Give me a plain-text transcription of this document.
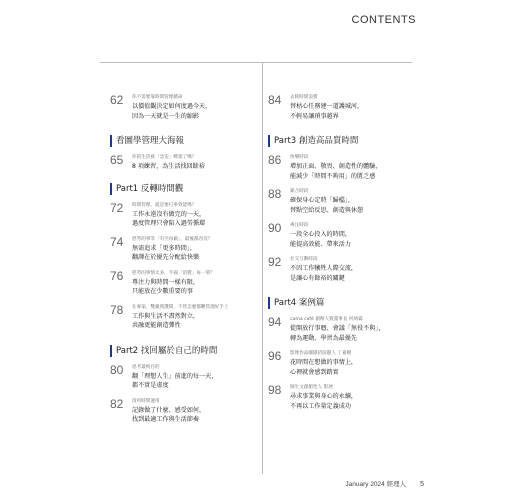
CONTENTS
62	你不需要靠時間管理續命
以價值觀決定如何度過今天，
因為一天就是一生的縮影
看圖學管理大海報
65	你的生活被「急迫」綁架了嗎？
8 項練習，為生活找回餘裕
Part1 反轉時間觀
72	時間管理，就是要打拳效能嗎？
工作永遠沒有做完的一天，
過度管理只會陷入過勞循環
74	慰勞的事等「有空再做」，最後都吞沒？
無需追求「更多時間」，
翻譯在於優先分配給快樂
76	慰勞的事情太多，手殺「消費」每一刻？
專注力與時間一樣有限，
只能放在少數重要的事
78	在專案、雙親照護間，不管怎麼都難管理好手上
工作與生活不盡然對立，
共融更能創造彈性
Part2 找回屬於自己的時間
80	思考最終目的
翻「理想人生」前進的每一天，
都不實是虛度
82	清用時間運用
記錄做了什麼、感受如何，
找到最適工作與生活節奏
84	去除時間浪費
替枯心任務建一道護城河，
不輕易讓瑣事越界
Part3 創造高品質時間
86	快樂時段
增加正面、敬畏、創造性的體驗，
能減少「時間不夠用」的匱乏感
88	累合時段
確保身心定時「歸檔」，
替點空給反思、創造與休憩
90	專注時段
一段全心投入的時間，
能提高效能、帶來活力
92	社交互動時段
不因工作犧牲人際交流，
是讓心有餘裕的關鍵
Part4 案例篇
94	cama café 創辦人暨董事長 何炳霖
從開放行事曆、會議「無役不與」，
轉為運動、學習為最優先
96	影像作品團隊招前題人 丁嘉曉
花時間在想做的事情上，
心裡就會感到踏實
98	師生文創館性人 影展
尋求事業與身心的永續，
不再以工作量定義成功
January 2024 經理人 5
